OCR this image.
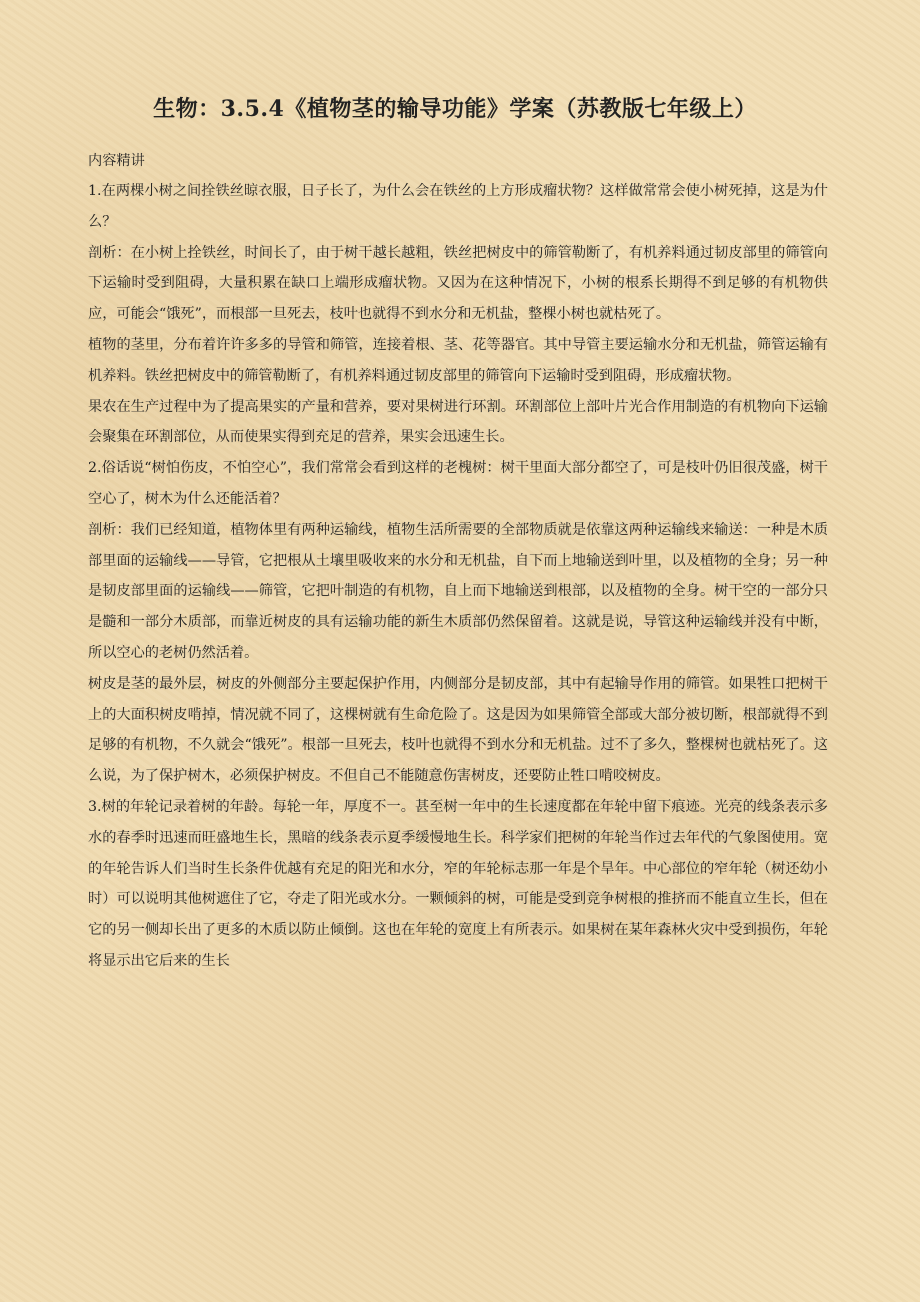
生物：3.5.4《植物茎的输导功能》学案（苏教版七年级上）
内容精讲

1.在两棵小树之间拴铁丝晾衣服，日子长了，为什么会在铁丝的上方形成瘤状物？这样做常常会使小树死掉，这是为什么？

剖析：在小树上拴铁丝，时间长了，由于树干越长越粗，铁丝把树皮中的筛管勒断了，有机养料通过韧皮部里的筛管向下运输时受到阻碍，大量积累在缺口上端形成瘤状物。又因为在这种情况下，小树的根系长期得不到足够的有机物供应，可能会“饿死”，而根部一旦死去，枝叶也就得不到水分和无机盐，整棵小树也就枯死了。

植物的茎里，分布着许许多多的导管和筛管，连接着根、茎、花等器官。其中导管主要运输水分和无机盐，筛管运输有机养料。铁丝把树皮中的筛管勒断了，有机养料通过韧皮部里的筛管向下运输时受到阻碍，形成瘤状物。

果农在生产过程中为了提高果实的产量和营养，要对果树进行环割。环割部位上部叶片光合作用制造的有机物向下运输会聚集在环割部位，从而使果实得到充足的营养，果实会迅速生长。

2.俗话说“树怕伤皮，不怕空心”，我们常常会看到这样的老槐树：树干里面大部分都空了，可是枝叶仍旧很茂盛，树干空心了，树木为什么还能活着？

剖析：我们已经知道，植物体里有两种运输线，植物生活所需要的全部物质就是依靠这两种运输线来输送：一种是木质部里面的运输线——导管，它把根从土壤里吸收来的水分和无机盐，自下而上地输送到叶里，以及植物的全身；另一种是韧皮部里面的运输线——筛管，它把叶制造的有机物，自上而下地输送到根部，以及植物的全身。树干空的一部分只是髓和一部分木质部，而靠近树皮的具有运输功能的新生木质部仍然保留着。这就是说，导管这种运输线并没有中断，所以空心的老树仍然活着。

树皮是茎的最外层，树皮的外侧部分主要起保护作用，内侧部分是韧皮部，其中有起输导作用的筛管。如果牲口把树干上的大面积树皮啃掉，情况就不同了，这棵树就有生命危险了。这是因为如果筛管全部或大部分被切断，根部就得不到足够的有机物，不久就会“饿死”。根部一旦死去，枝叶也就得不到水分和无机盐。过不了多久，整棵树也就枯死了。这么说，为了保护树木，必须保护树皮。不但自己不能随意伤害树皮，还要防止牲口啃咬树皮。

3.树的年轮记录着树的年龄。每轮一年，厚度不一。甚至树一年中的生长速度都在年轮中留下痕迹。光亮的线条表示多水的春季时迅速而旺盛地生长，黑暗的线条表示夏季缓慢地生长。科学家们把树的年轮当作过去年代的气象图使用。宽的年轮告诉人们当时生长条件优越有充足的阳光和水分，窄的年轮标志那一年是个旱年。中心部位的窄年轮（树还幼小时）可以说明其他树遮住了它，夺走了阳光或水分。一颗倾斜的树，可能是受到竞争树根的推挤而不能直立生长，但在它的另一侧却长出了更多的木质以防止倾倒。这也在年轮的宽度上有所表示。如果树在某年森林火灾中受到损伤，年轮将显示出它后来的生长
